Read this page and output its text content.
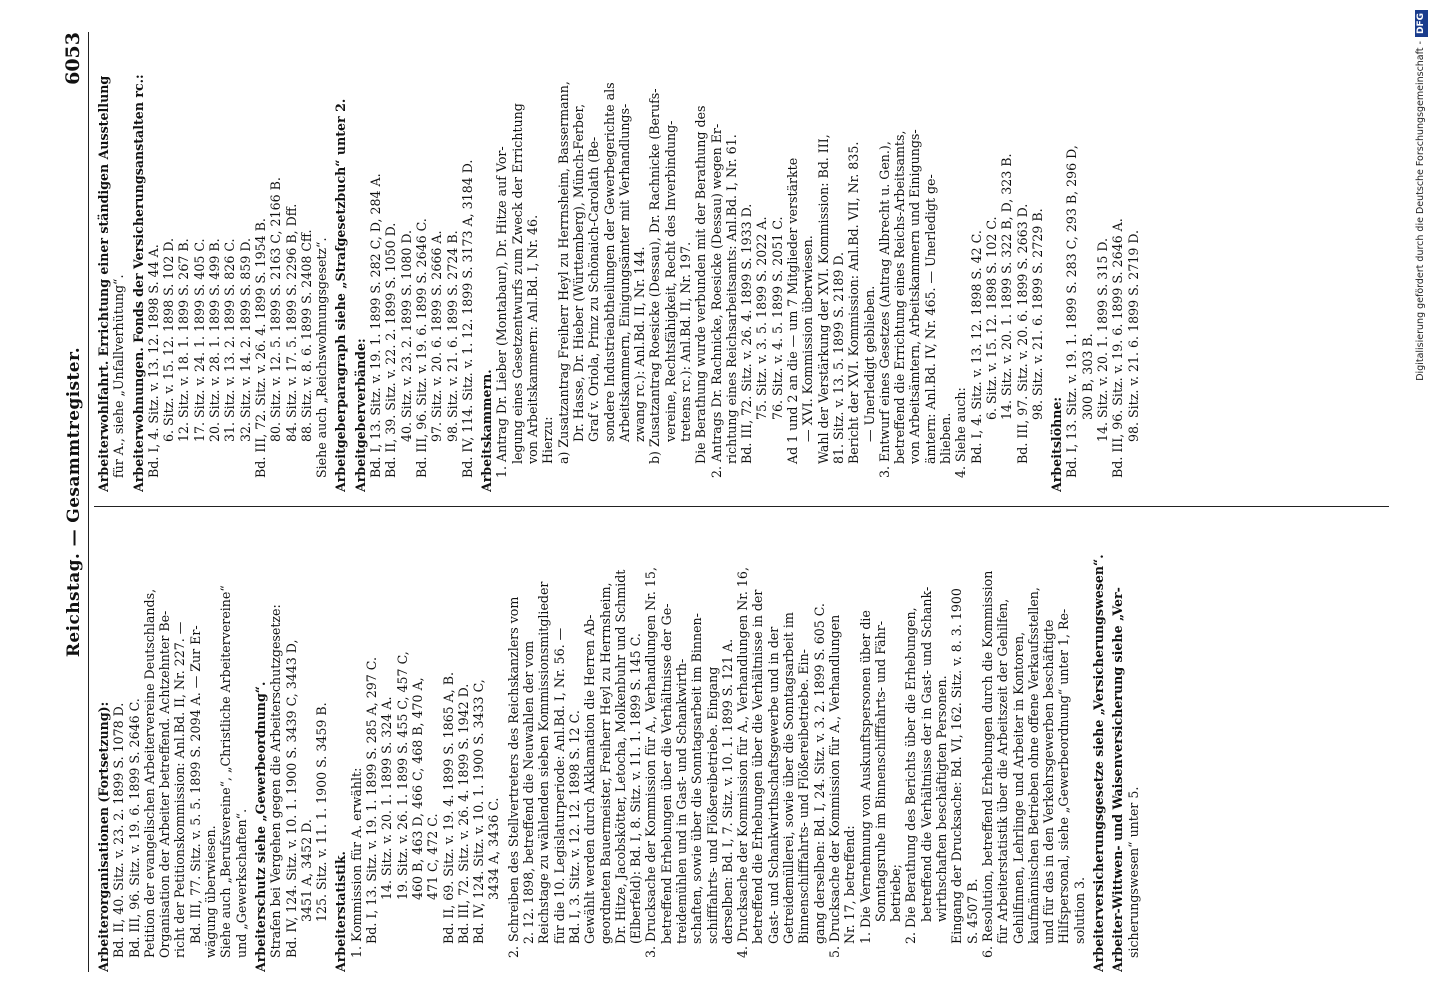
Reichstag. — Gesammtregister.
6053
Arbeiterorganisationen (Fortsetzung): Bd. II, 40. Sitz. v. 23. 2. 1899 S. 1078 D. Bd. III, 96. Sitz. v. 19. 6. 1899 S. 2646 C. Petition der evangelischen Arbeitervereine Deutschlands, Organisation der Arbeiter betreffend. Achtzehnter Be- richt der Petitionskommission: Anl.Bd. II, Nr. 227. — Bd. III, 77. Sitz. v. 5. 5. 1899 S. 2094 A. — Zur Er- wägung überwiesen. Siehe auch „Berufsvereine“, „Christliche Arbeitervereine“ und „Gewerkschaften“. Arbeiterschutz siehe „Gewerbeordnung“. Strafen bei Vergehen gegen die Arbeiterschutzgesetze: Bd. IV, 124. Sitz. v. 10. 1. 1900 S. 3439 C, 3443 D, 3451 A, 3452 D. 125. Sitz. v. 11. 1. 1900 S. 3459 B. Arbeiterstatistik. 1. Kommission für A. erwählt: Bd. I, 13. Sitz. v. 19. 1. 1899 S. 285 A, 297 C. 14. Sitz. v. 20. 1. 1899 S. 324 A. 19. Sitz. v. 26. 1. 1899 S. 455 C, 457 C, 460 B, 463 D, 466 C, 468 B, 470 A, 471 C, 472 C. Bd. II, 69. Sitz. v. 19. 4. 1899 S. 1865 A, B. Bd. III, 72. Sitz. v. 26. 4. 1899 S. 1942 D. Bd. IV, 124. Sitz. v. 10. 1. 1900 S. 3433 C, 3434 A, 3436 C. 2. Schreiben des Stellvertreters des Reichskanzlers vom 2. 12. 1898, betreffend die Neuwahlen der vom Reichstage zu wählenden sieben Kommissionsmitglieder für die 10. Legislaturperiode: Anl.Bd. I, Nr. 56. — Bd. I, 3. Sitz. v. 12. 12. 1898 S. 12 C. Gewählt werden durch Akklamation die Herren Ab- geordneten Bauermeister, Freiherr Heyl zu Herrnsheim, Dr. Hitze, Jacobskötter, Letocha, Molkenbuhr und Schmidt (Elberfeld): Bd. I, 8. Sitz. v. 11. 1. 1899 S. 145 C. 3. Drucksache der Kommission für A., Verhandlungen Nr. 15, betreffend Erhebungen über die Verhältnisse der Ge- treidemühlen und in Gast- und Schankwirth- schaften, sowie über die Sonntagsarbeit im Binnen- schifffahrts- und Flößereibetriebe. Eingang derselben: Bd. I, 7. Sitz. v. 10. 1. 1899 S. 121 A. 4. Drucksache der Kommission für A., Verhandlungen Nr. 16, betreffend die Erhebungen über die Verhältnisse in der Gast- und Schankwirthschaftsgewerbe und in der Getreidemüllerei, sowie über die Sonntagsarbeit im Binnenschifffahrts- und Flößereibetriebe. Ein- gang derselben: Bd. I, 24. Sitz. v. 3. 2. 1899 S. 605 C. 5. Drucksache der Kommission für A., Verhandlungen Nr. 17, betreffend: 1. Die Vernehmung von Auskunftspersonen über die Sonntagsruhe im Binnenschifffahrts- und Fähr- betriebe; 2. Die Berathung des Berichts über die Erhebungen, betreffend die Verhältnisse der in Gast- und Schank- wirthschaften beschäftigten Personen. Eingang der Drucksache: Bd. VI, 162. Sitz. v. 8. 3. 1900 S. 4507 B. 6. Resolution, betreffend Erhebungen durch die Kommission für Arbeiterstatistik über die Arbeitszeit der Gehilfen, Gehilfinnen, Lehrlinge und Arbeiter in Kontoren, kaufmännischen Betrieben ohne offene Verkaufsstellen, und für das in den Verkehrsgewerben beschäftigte Hilfspersonal, siehe „Gewerbeordnung“ unter 1, Re- solution 3. Arbeiterversicherungsgesetze siehe „Versicherungswesen“. Arbeiter-Wittwen- und Waisenversicherung siehe „Ver- sicherungswesen“ unter 5.
Arbeiterwohlfahrt. Errichtung einer ständigen Ausstellung für A., siehe „Unfallverhütung“. Arbeiterwohnungen. Fonds der Versicherungsanstalten rc.: Bd. I, 4. Sitz. v. 13. 12. 1898 S. 44 A. 6. Sitz. v. 15. 12. 1898 S. 102 D. 12. Sitz. v. 18. 1. 1899 S. 267 B. 17. Sitz. v. 24. 1. 1899 S. 405 C. 20. Sitz. v. 28. 1. 1899 S. 499 B. 31. Sitz. v. 13. 2. 1899 S. 826 C. 32. Sitz. v. 14. 2. 1899 S. 859 D. Bd. III, 72. Sitz. v. 26. 4. 1899 S. 1954 B. 80. Sitz. v. 12. 5. 1899 S. 2163 C, 2166 B. 84. Sitz. v. 17. 5. 1899 S. 2296 B, Dff. 88. Sitz. v. 8. 6. 1899 S. 2408 Cff. Siehe auch „Reichswohnungsgesetz“. Arbeitgeberparagraph siehe „Strafgesetzbuch“ unter 2. Arbeitgeberverbände: Bd. I, 13. Sitz. v. 19. 1. 1899 S. 282 C, D, 284 A. Bd. II, 39. Sitz. v. 22. 2. 1899 S. 1050 D. 40. Sitz. v. 23. 2. 1899 S. 1080 D. Bd. III, 96. Sitz. v. 19. 6. 1899 S. 2646 C. 97. Sitz. v. 20. 6. 1899 S. 2666 A. 98. Sitz. v. 21. 6. 1899 S. 2724 B. Bd. IV, 114. Sitz. v. 1. 12. 1899 S. 3173 A, 3184 D. Arbeitskammern. 1. Antrag Dr. Lieber (Montabaur), Dr. Hitze auf Vor- legung eines Gesetzentwurfs zum Zweck der Errichtung von Arbeitskammern: Anl.Bd. I, Nr. 46. Hierzu: a) Zusatzantrag Freiherr Heyl zu Herrnsheim, Bassermann, Dr. Hasse, Dr. Hieber (Württemberg), Münch-Ferber, Graf v. Oriola, Prinz zu Schönaich-Carolath (Be- sondere Industrieabtheilungen der Gewerbegerichte als Arbeitskammern, Einigungsämter mit Verhandlungs- zwang rc.): Anl.Bd. II, Nr. 144. b) Zusatzantrag Roesicke (Dessau), Dr. Rachnicke (Berufs- vereine, Rechtsfähigkeit, Recht des Inverbindung- tretens rc.): Anl.Bd. II, Nr. 197. Die Berathung wurde verbunden mit der Berathung des 2. Antrags Dr. Rachnicke, Roesicke (Dessau) wegen Er- richtung eines Reichsarbeitsamts: Anl.Bd. I, Nr. 61. Bd. III, 72. Sitz. v. 26. 4. 1899 S. 1933 D. 75. Sitz. v. 3. 5. 1899 S. 2022 A. 76. Sitz. v. 4. 5. 1899 S. 2051 C. Ad 1 und 2 an die — um 7 Mitglieder verstärkte — XVI. Kommission überwiesen. Wahl der Verstärkung der XVI. Kommission: Bd. III, 81. Sitz. v. 13. 5. 1899 S. 2189 D. Bericht der XVI. Kommission: Anl.Bd. VII, Nr. 835. — Unerledigt geblieben. 3. Entwurf eines Gesetzes (Antrag Albrecht u. Gen.), betreffend die Errichtung eines Reichs-Arbeitsamts, von Arbeitsämtern, Arbeitskammern und Einigungs- ämtern: Anl.Bd. IV, Nr. 465. — Unerledigt ge- blieben. 4. Siehe auch: Bd. I, 4. Sitz. v. 13. 12. 1898 S. 42 C. 6. Sitz. v. 15. 12. 1898 S. 102 C. 14. Sitz. v. 20. 1. 1899 S. 322 B, D, 323 B. Bd. III, 97. Sitz. v. 20. 6. 1899 S. 2663 D. 98. Sitz. v. 21. 6. 1899 S. 2729 B.
Arbeitslöhne: Bd. I, 13. Sitz. v. 19. 1. 1899 S. 283 C, 293 B, 296 D, 300 B, 303 B. 14. Sitz. v. 20. 1. 1899 S. 315 D. Bd. III, 96. Sitz. v. 19. 6. 1899 S. 2646 A. 98. Sitz. v. 21. 6. 1899 S. 2719 D.	Digitalisierung gefördert durch die Deutsche Forschungsgemeinschaft -DFG
